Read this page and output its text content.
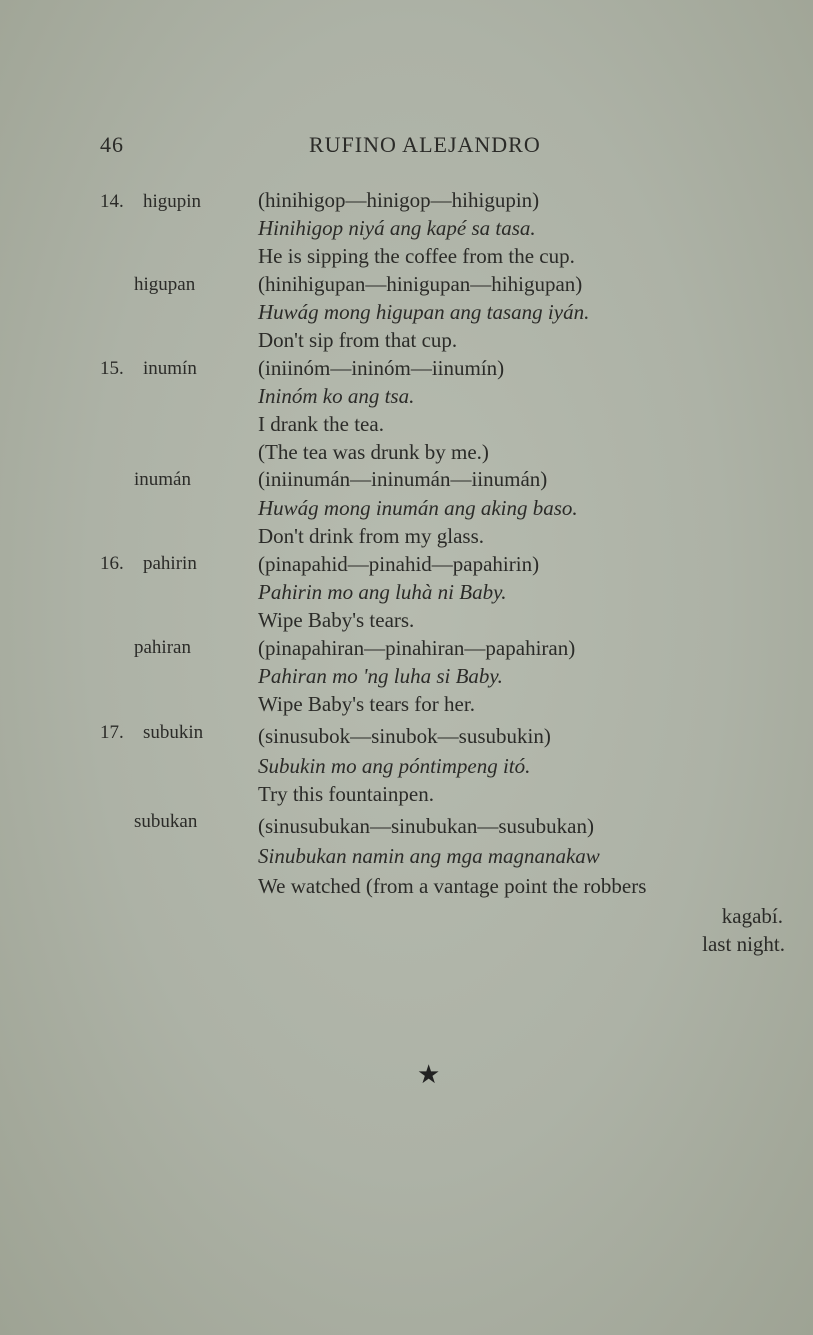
46	RUFINO ALEJANDRO
14. higupin	(hinihigop—hinigop—hihigupin)
Hinihigop niyá ang kapé sa tasa.
He is sipping the coffee from the cup.
higupan	(hinihigupan—hinigupan—hihigupan)
Huwág mong higupan ang tasang iyán.
Don't sip from that cup.
15. inumín	(iniinóm—ininóm—iinumín)
Ininóm ko ang tsa.
I drank the tea.
(The tea was drunk by me.)
inumán	(iniinumán—ininumán—iinumán)
Huwág mong inumán ang aking baso.
Don't drink from my glass.
16. pahirin	(pinapahid—pinahid—papahirin)
Pahirin mo ang luhà ni Baby.
Wipe Baby's tears.
pahiran	(pinapahiran—pinahiran—papahiran)
Pahiran mo 'ng luha si Baby.
Wipe Baby's tears for her.
17. subukin	(sinusubok—sinubok—susubukin)
Subukin mo ang póntimpeng itó.
Try this fountainpen.
subukan	(sinusubukan—sinubukan—susubukan)
Sinubukan namin ang mga magnanakaw
We watched (from a vantage point the robbers
kagabí.
last night.
★
